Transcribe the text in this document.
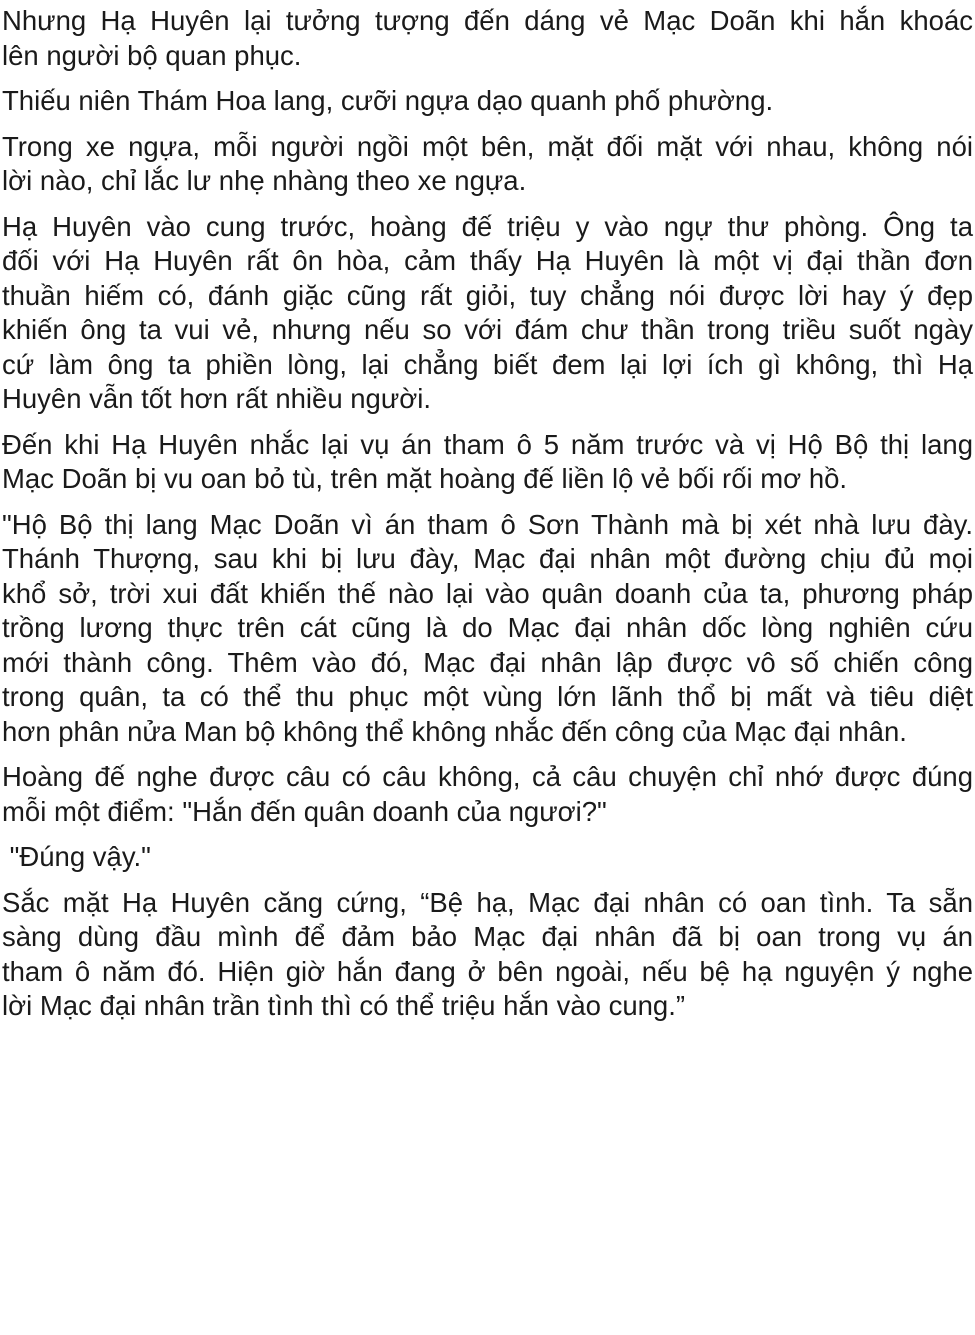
Nhưng Hạ Huyên lại tưởng tượng đến dáng vẻ Mạc Doãn khi hắn khoác
lên người bộ quan phục.

Thiếu niên Thám Hoa lang, cưỡi ngựa dạo quanh phố phường.

Trong xe ngựa, mỗi người ngồi một bên, mặt đối mặt với nhau, không nói
lời nào, chỉ lắc lư nhẹ nhàng theo xe ngựa.

Hạ Huyên vào cung trước, hoàng đế triệu y vào ngự thư phòng. Ông ta
đối với Hạ Huyên rất ôn hòa, cảm thấy Hạ Huyên là một vị đại thần đơn
thuần hiếm có, đánh giặc cũng rất giỏi, tuy chẳng nói được lời hay ý đẹp
khiến ông ta vui vẻ, nhưng nếu so với đám chư thần trong triều suốt ngày
cứ làm ông ta phiền lòng, lại chẳng biết đem lại lợi ích gì không, thì Hạ
Huyên vẫn tốt hơn rất nhiều người.

Đến khi Hạ Huyên nhắc lại vụ án tham ô 5 năm trước và vị Hộ Bộ thị lang
Mạc Doãn bị vu oan bỏ tù, trên mặt hoàng đế liền lộ vẻ bối rối mơ hồ.

"Hộ Bộ thị lang Mạc Doãn vì án tham ô Sơn Thành mà bị xét nhà lưu đày.
Thánh Thượng, sau khi bị lưu đày, Mạc đại nhân một đường chịu đủ mọi
khổ sở, trời xui đất khiến thế nào lại vào quân doanh của ta, phương pháp
trồng lương thực trên cát cũng là do Mạc đại nhân dốc lòng nghiên cứu
mới thành công. Thêm vào đó, Mạc đại nhân lập được vô số chiến công
trong quân, ta có thể thu phục một vùng lớn lãnh thổ bị mất và tiêu diệt
hơn phân nửa Man bộ không thể không nhắc đến công của Mạc đại nhân.

Hoàng đế nghe được câu có câu không, cả câu chuyện chỉ nhớ được đúng
mỗi một điểm: "Hắn đến quân doanh của ngươi?"

"Đúng vậy."

Sắc mặt Hạ Huyên căng cứng, “Bệ hạ, Mạc đại nhân có oan tình. Ta sẵn
sàng dùng đầu mình để đảm bảo Mạc đại nhân đã bị oan trong vụ án
tham ô năm đó. Hiện giờ hắn đang ở bên ngoài, nếu bệ hạ nguyện ý nghe
lời Mạc đại nhân trần tình thì có thể triệu hắn vào cung.”
